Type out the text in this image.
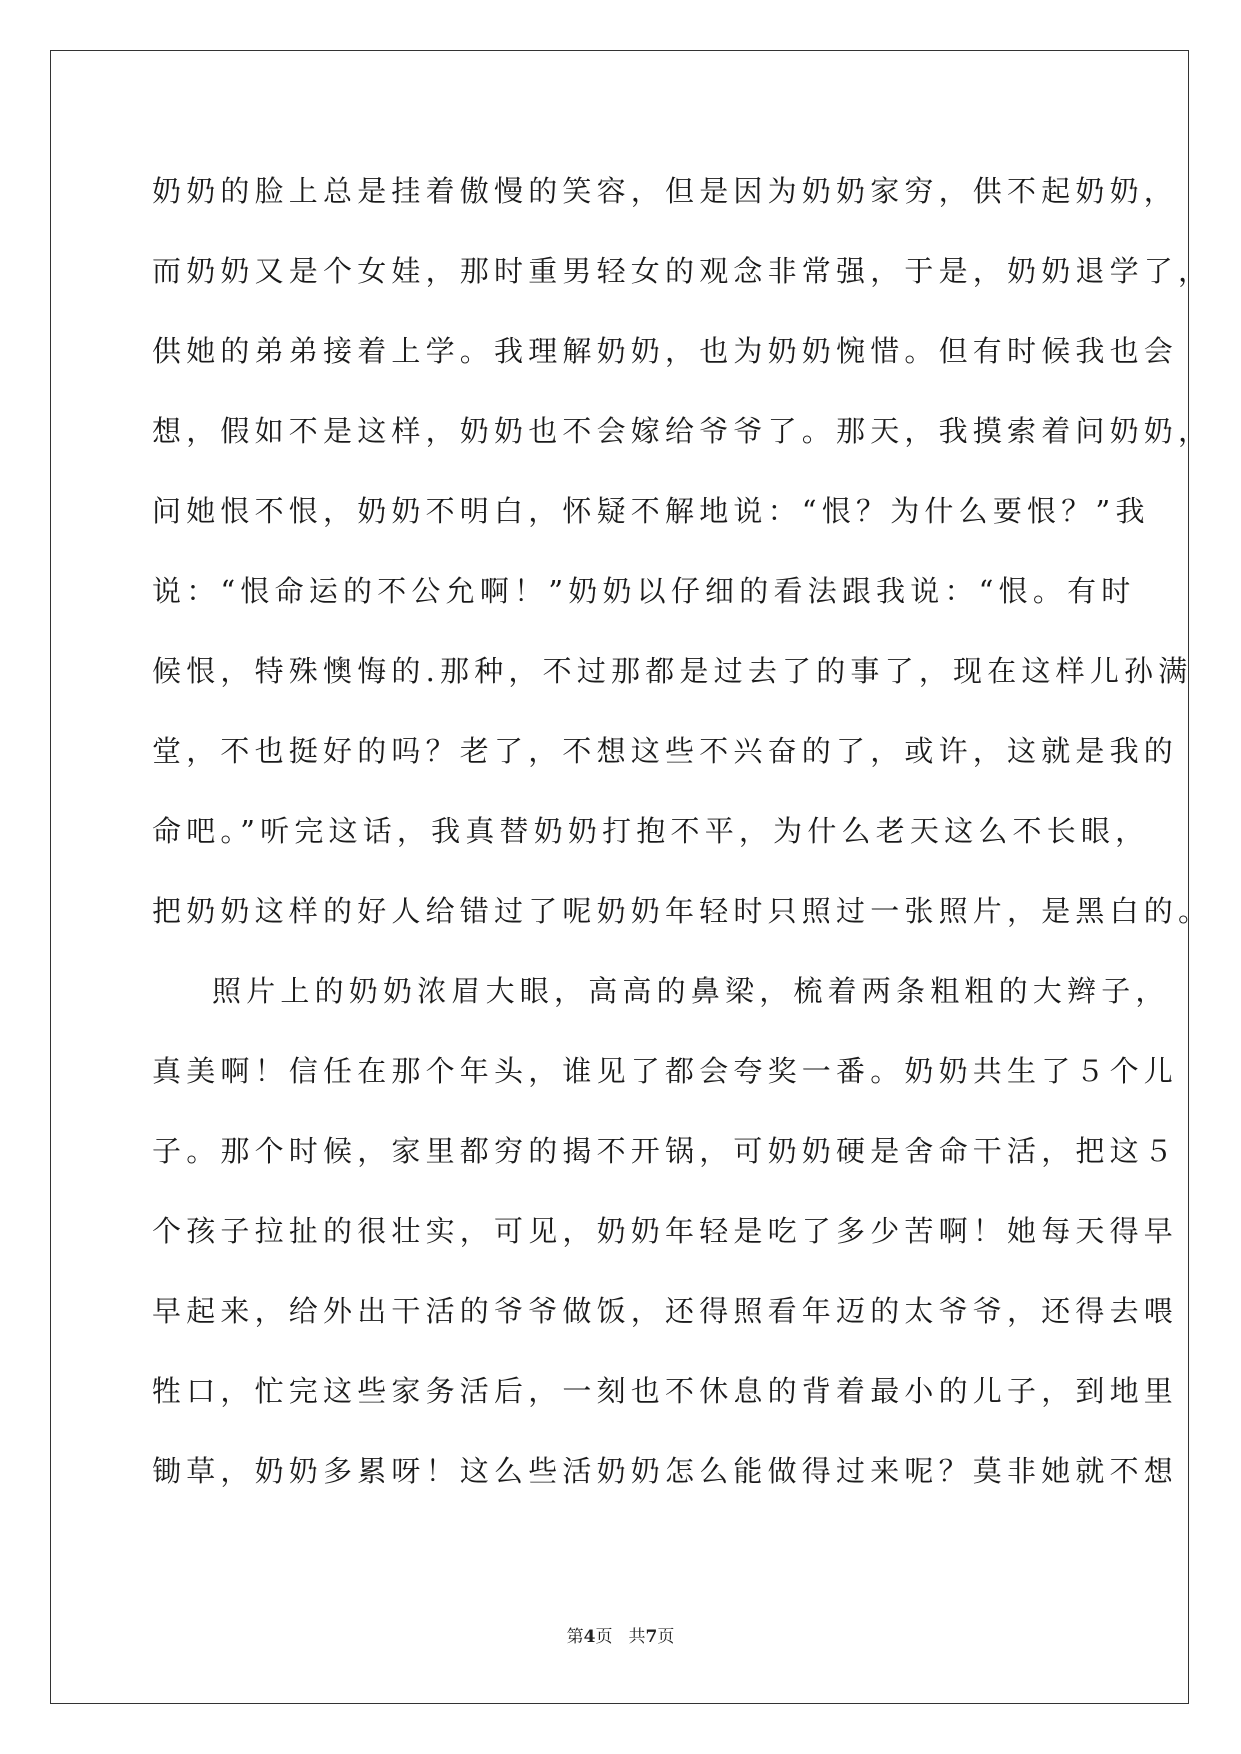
奶奶的脸上总是挂着傲慢的笑容，但是因为奶奶家穷，供不起奶奶，

而奶奶又是个女娃，那时重男轻女的观念非常强，于是，奶奶退学了，

供她的弟弟接着上学。我理解奶奶，也为奶奶惋惜。但有时候我也会

想，假如不是这样，奶奶也不会嫁给爷爷了。那天，我摸索着问奶奶，

问她恨不恨，奶奶不明白，怀疑不解地说：“恨？为什么要恨？”我

说：“恨命运的不公允啊！”奶奶以仔细的看法跟我说：“恨。有时

候恨，特殊懊悔的.那种，不过那都是过去了的事了，现在这样儿孙满

堂，不也挺好的吗？老了，不想这些不兴奋的了，或许，这就是我的

命吧。”听完这话，我真替奶奶打抱不平，为什么老天这么不长眼，

把奶奶这样的好人给错过了呢奶奶年轻时只照过一张照片，是黑白的。

照片上的奶奶浓眉大眼，高高的鼻梁，梳着两条粗粗的大辫子，

真美啊！信任在那个年头，谁见了都会夸奖一番。奶奶共生了５个儿

子。那个时候，家里都穷的揭不开锅，可奶奶硬是舍命干活，把这５

个孩子拉扯的很壮实，可见，奶奶年轻是吃了多少苦啊！她每天得早

早起来，给外出干活的爷爷做饭，还得照看年迈的太爷爷，还得去喂

牲口，忙完这些家务活后，一刻也不休息的背着最小的儿子，到地里

锄草，奶奶多累呀！这么些活奶奶怎么能做得过来呢？莫非她就不想

第4页 共7页
